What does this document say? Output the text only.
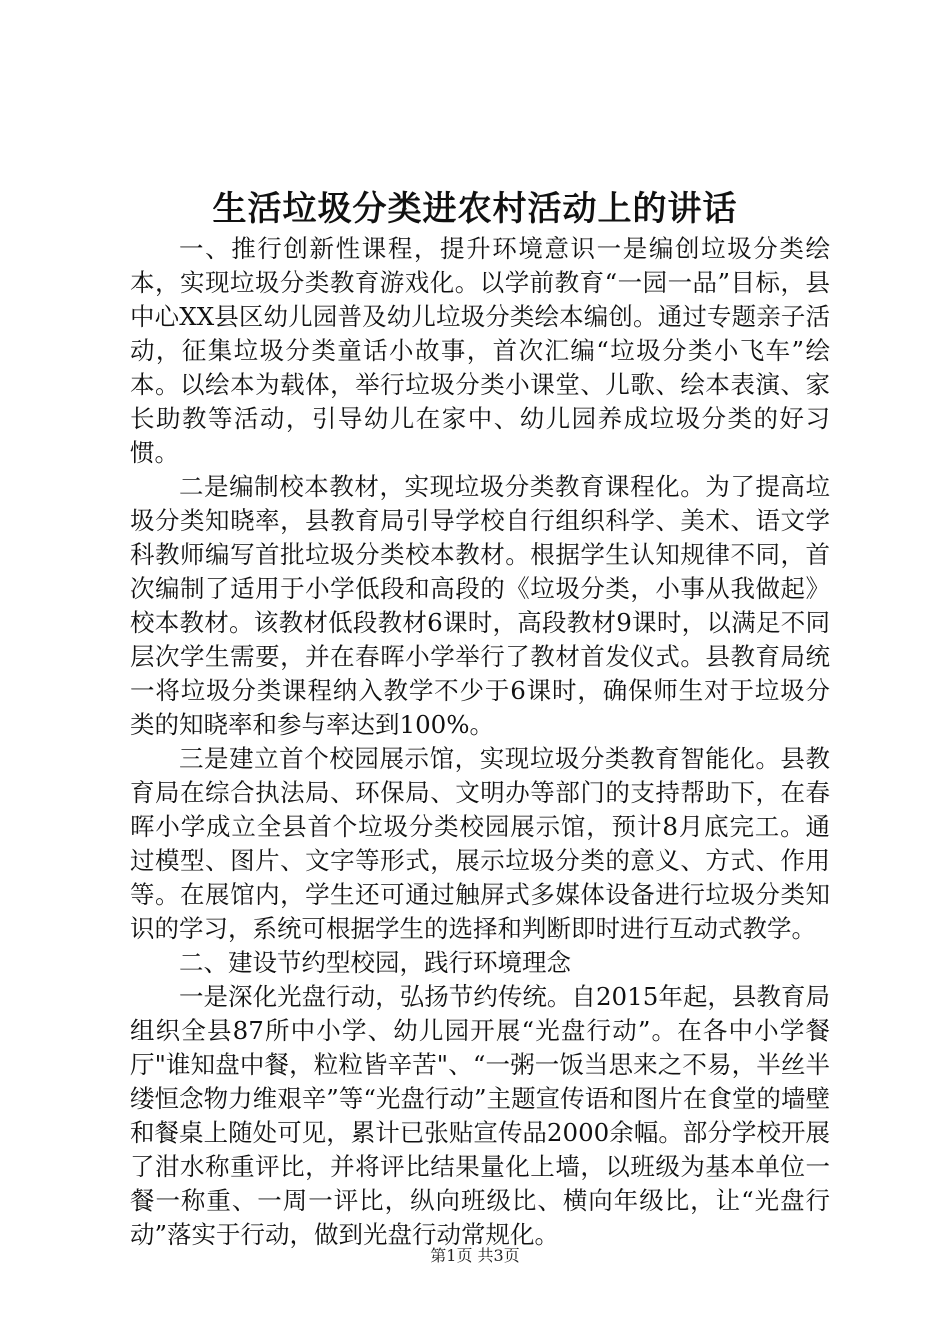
生活垃圾分类进农村活动上的讲话

一、推行创新性课程，提升环境意识一是编创垃圾分类绘本，实现垃圾分类教育游戏化。以学前教育“一园一品”目标，县中心XX县区幼儿园普及幼儿垃圾分类绘本编创。通过专题亲子活动，征集垃圾分类童话小故事，首次汇编“垃圾分类小飞车”绘本。以绘本为载体，举行垃圾分类小课堂、儿歌、绘本表演、家长助教等活动，引导幼儿在家中、幼儿园养成垃圾分类的好习惯。

二是编制校本教材，实现垃圾分类教育课程化。为了提高垃圾分类知晓率，县教育局引导学校自行组织科学、美术、语文学科教师编写首批垃圾分类校本教材。根据学生认知规律不同，首次编制了适用于小学低段和高段的《垃圾分类，小事从我做起》校本教材。该教材低段教材6课时，高段教材9课时，以满足不同层次学生需要，并在春晖小学举行了教材首发仪式。县教育局统一将垃圾分类课程纳入教学不少于6课时，确保师生对于垃圾分类的知晓率和参与率达到100%。

三是建立首个校园展示馆，实现垃圾分类教育智能化。县教育局在综合执法局、环保局、文明办等部门的支持帮助下，在春晖小学成立全县首个垃圾分类校园展示馆，预计8月底完工。通过模型、图片、文字等形式，展示垃圾分类的意义、方式、作用等。在展馆内，学生还可通过触屏式多媒体设备进行垃圾分类知识的学习，系统可根据学生的选择和判断即时进行互动式教学。

二、建设节约型校园，践行环境理念

一是深化光盘行动，弘扬节约传统。自2015年起，县教育局组织全县87所中小学、幼儿园开展“光盘行动”。在各中小学餐厅"谁知盘中餐，粒粒皆辛苦"、“一粥一饭当思来之不易，半丝半缕恒念物力维艰辛”等“光盘行动”主题宣传语和图片在食堂的墙壁和餐桌上随处可见，累计已张贴宣传品2000余幅。部分学校开展了泔水称重评比，并将评比结果量化上墙，以班级为基本单位一餐一称重、一周一评比，纵向班级比、横向年级比，让“光盘行动”落实于行动，做到光盘行动常规化。

第1页 共3页
